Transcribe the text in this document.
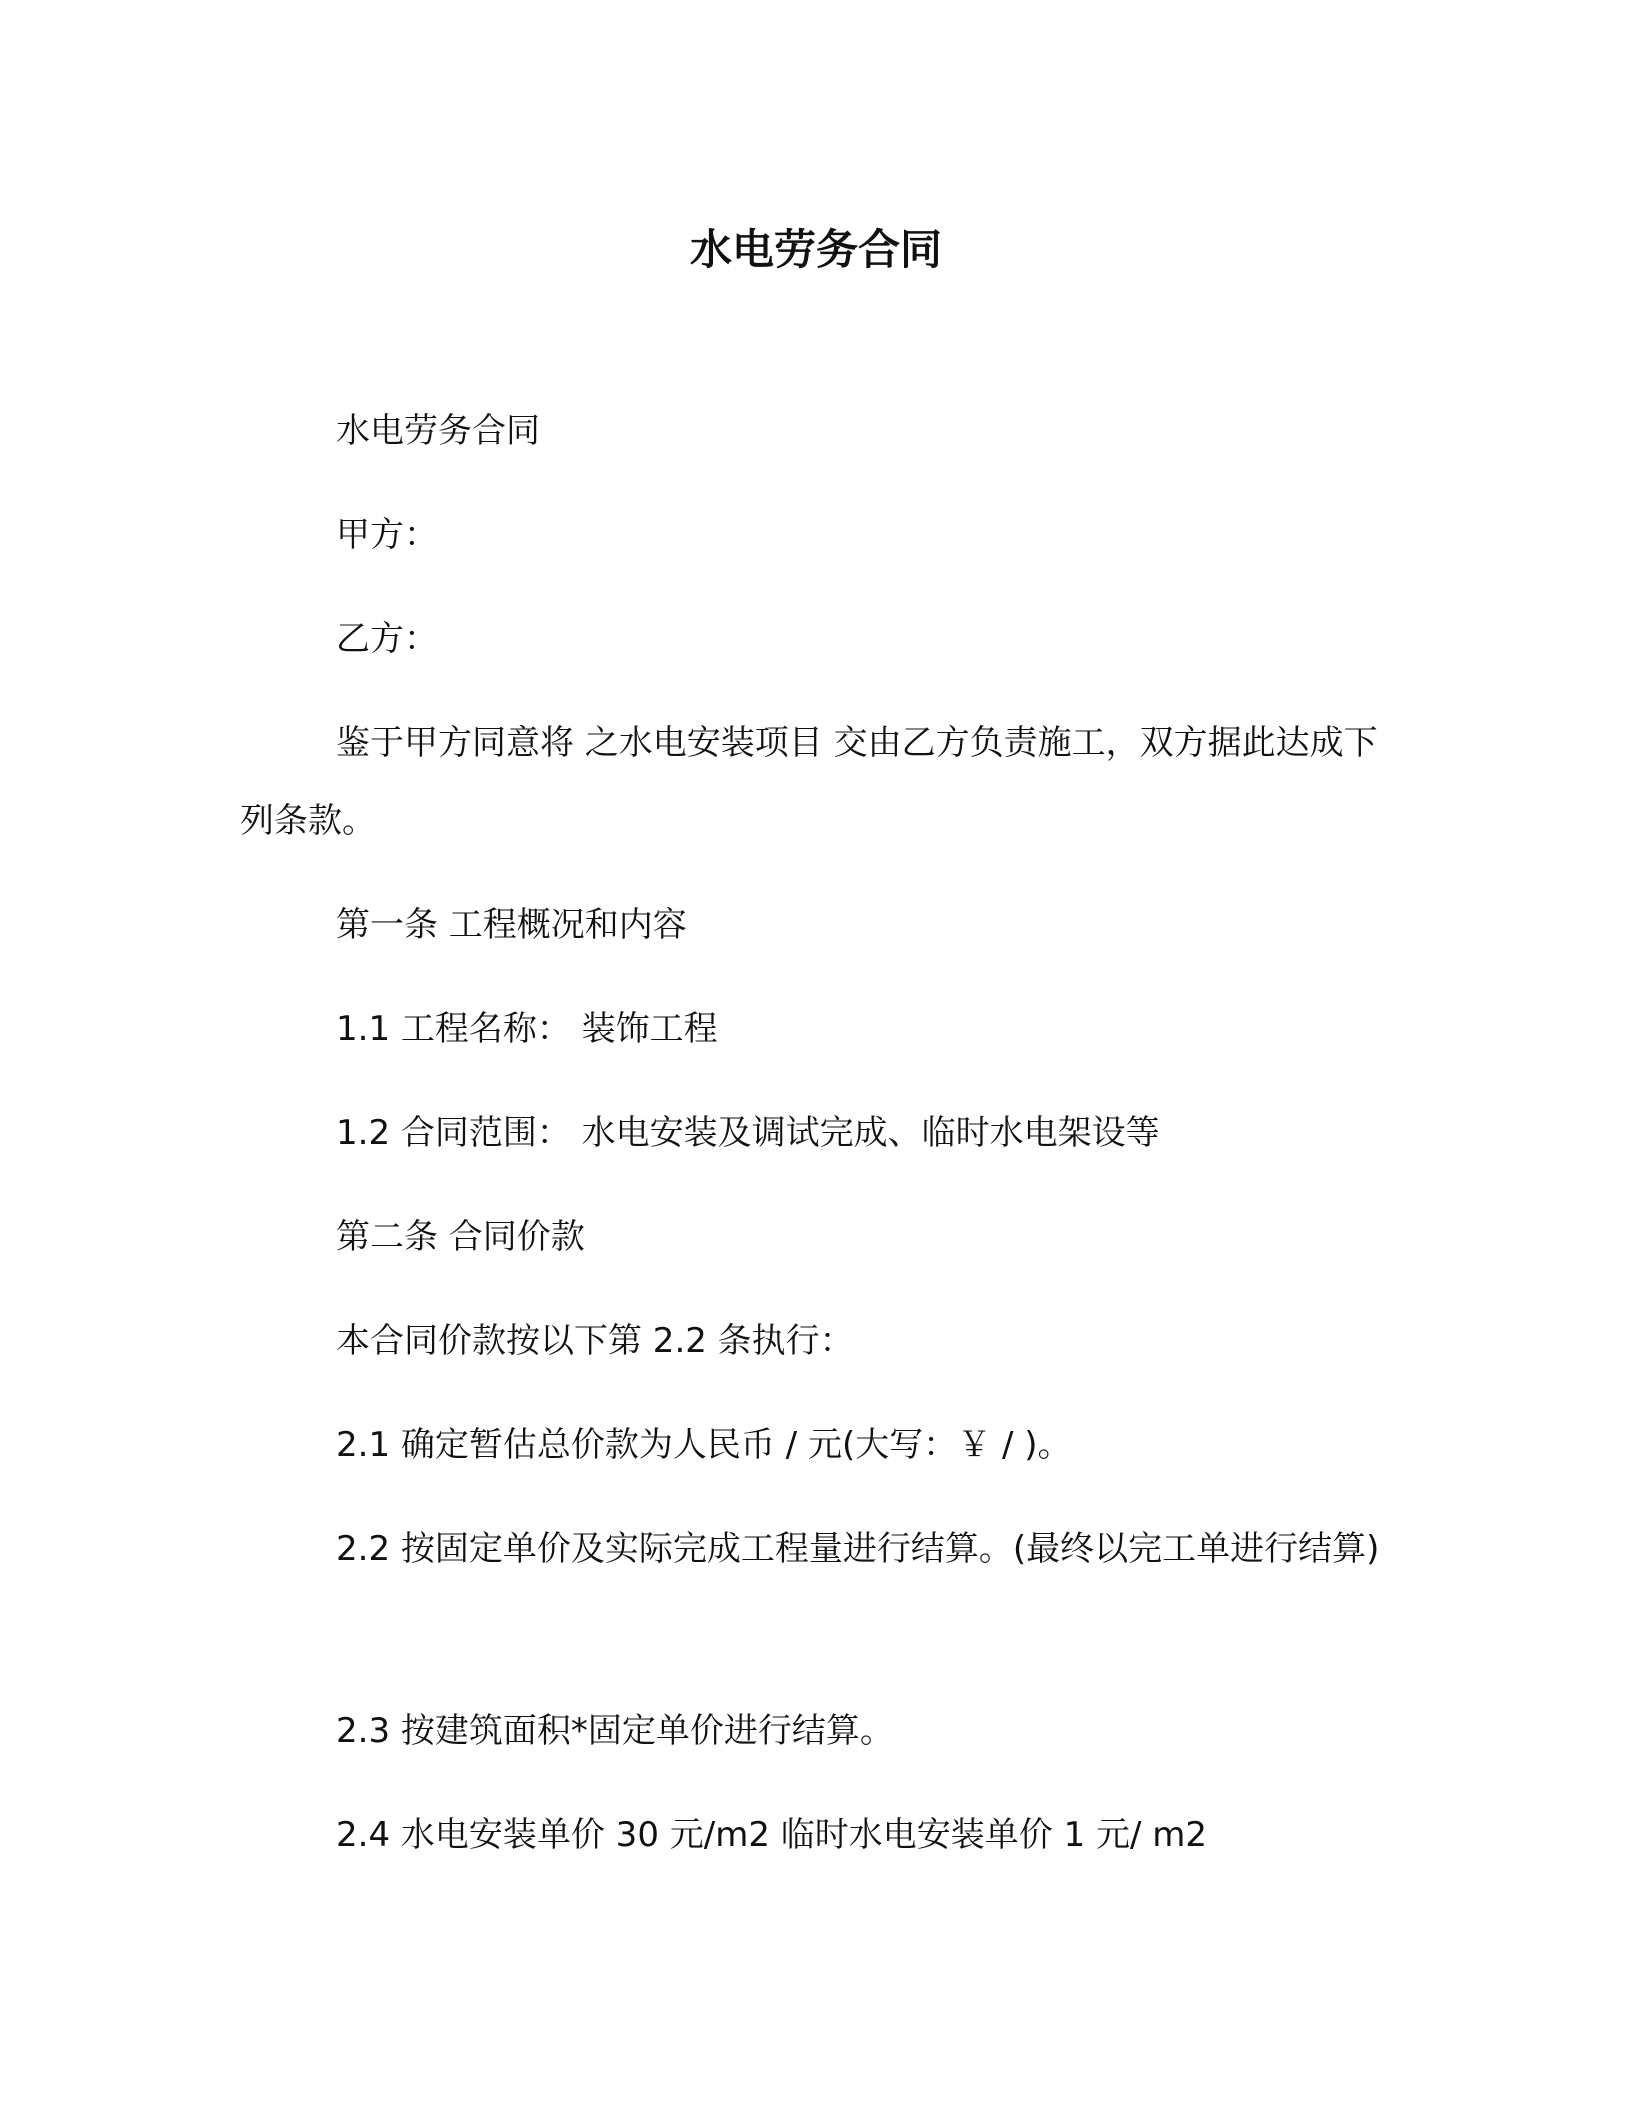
水电劳务合同

水电劳务合同

甲方：

乙方：

鉴于甲方同意将 之水电安装项目 交由乙方负责施工，双方据此达成下列条款。

第一条 工程概况和内容

1.1 工程名称： 装饰工程

1.2 合同范围： 水电安装及调试完成、临时水电架设等

第二条 合同价款

本合同价款按以下第 2.2 条执行：

2.1 确定暂估总价款为人民币 / 元(大写：￥ / )。

2.2 按固定单价及实际完成工程量进行结算。(最终以完工单进行结算)

2.3 按建筑面积*固定单价进行结算。

2.4 水电安装单价 30 元/m2 临时水电安装单价 1 元/ m2
